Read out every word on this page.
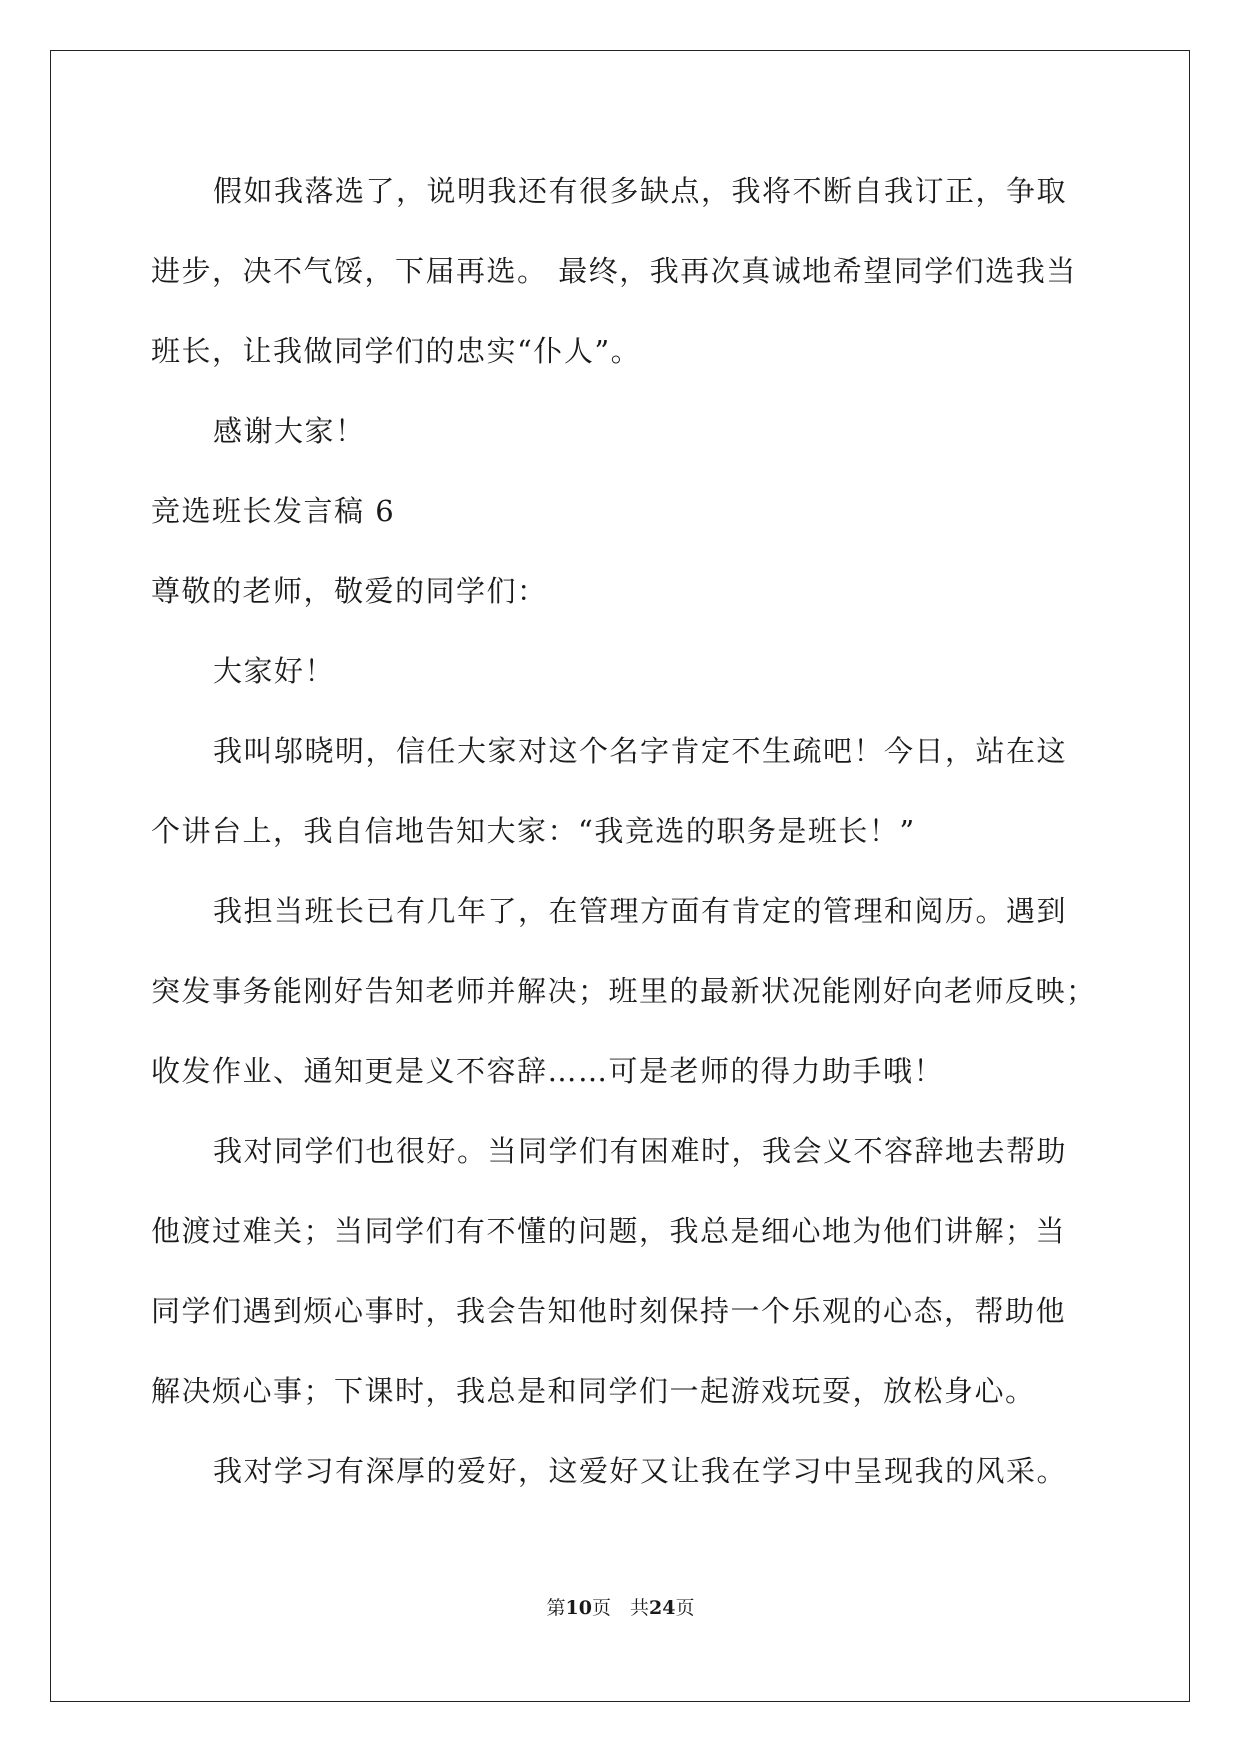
假如我落选了，说明我还有很多缺点，我将不断自我订正，争取
进步，决不气馁，下届再选。 最终，我再次真诚地希望同学们选我当
班长，让我做同学们的忠实“仆人”。
感谢大家！
竞选班长发言稿 6
尊敬的老师，敬爱的同学们：
大家好！
我叫邬晓明，信任大家对这个名字肯定不生疏吧！今日，站在这
个讲台上，我自信地告知大家：“我竞选的职务是班长！”
我担当班长已有几年了，在管理方面有肯定的管理和阅历。遇到
突发事务能刚好告知老师并解决；班里的最新状况能刚好向老师反映；
收发作业、通知更是义不容辞……可是老师的得力助手哦！
我对同学们也很好。当同学们有困难时，我会义不容辞地去帮助
他渡过难关；当同学们有不懂的问题，我总是细心地为他们讲解；当
同学们遇到烦心事时，我会告知他时刻保持一个乐观的心态，帮助他
解决烦心事；下课时，我总是和同学们一起游戏玩耍，放松身心。
我对学习有深厚的爱好，这爱好又让我在学习中呈现我的风采。
第10页　共24页
